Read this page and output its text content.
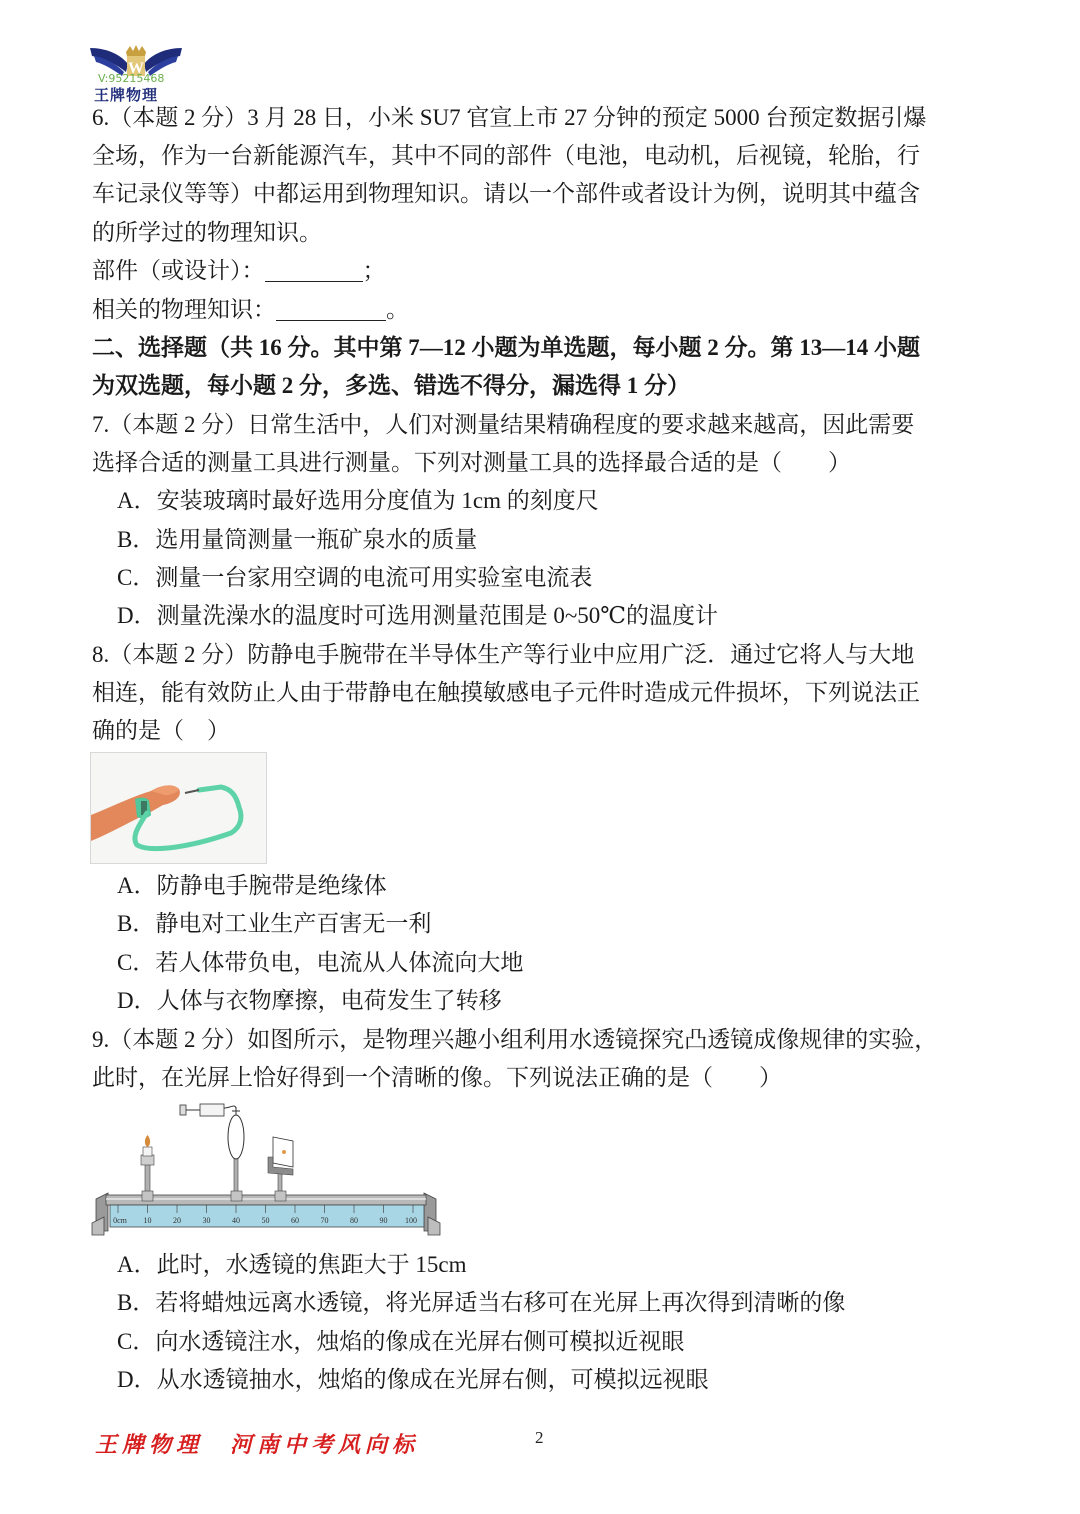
W
V:95215468
王牌物理
6.（本题 2 分）3 月 28 日，小米 SU7 官宣上市 27 分钟的预定 5000 台预定数据引爆
全场，作为一台新能源汽车，其中不同的部件（电池，电动机，后视镜，轮胎，行
车记录仪等等）中都运用到物理知识。请以一个部件或者设计为例，说明其中蕴含
的所学过的物理知识。
部件（或设计）：	；
相关的物理知识：	。
二、选择题（共 16 分。其中第 7—12 小题为单选题，每小题 2 分。第 13—14 小题
为双选题，每小题 2 分，多选、错选不得分，漏选得 1 分）
7.（本题 2 分）日常生活中，人们对测量结果精确程度的要求越来越高，因此需要
选择合适的测量工具进行测量。下列对测量工具的选择最合适的是（　　）
A．安装玻璃时最好选用分度值为 1cm 的刻度尺
B．选用量筒测量一瓶矿泉水的质量
C．测量一台家用空调的电流可用实验室电流表
D．测量洗澡水的温度时可选用测量范围是 0~50℃的温度计
8.（本题 2 分）防静电手腕带在半导体生产等行业中应用广泛．通过它将人与大地
相连，能有效防止人由于带静电在触摸敏感电子元件时造成元件损坏，下列说法正
确的是（　）
A．防静电手腕带是绝缘体
B．静电对工业生产百害无一利
C．若人体带负电，电流从人体流向大地
D．人体与衣物摩擦，电荷发生了转移
9.（本题 2 分）如图所示，是物理兴趣小组利用水透镜探究凸透镜成像规律的实验，
此时，在光屏上恰好得到一个清晰的像。下列说法正确的是（　　）
0cm 10	20	30	40	50	60	70	80	90 100
A．此时，水透镜的焦距大于 15cm
B．若将蜡烛远离水透镜，将光屏适当右移可在光屏上再次得到清晰的像
C．向水透镜注水，烛焰的像成在光屏右侧可模拟近视眼
D．从水透镜抽水，烛焰的像成在光屏右侧，可模拟远视眼
王牌物理　河南中考风向标	2
